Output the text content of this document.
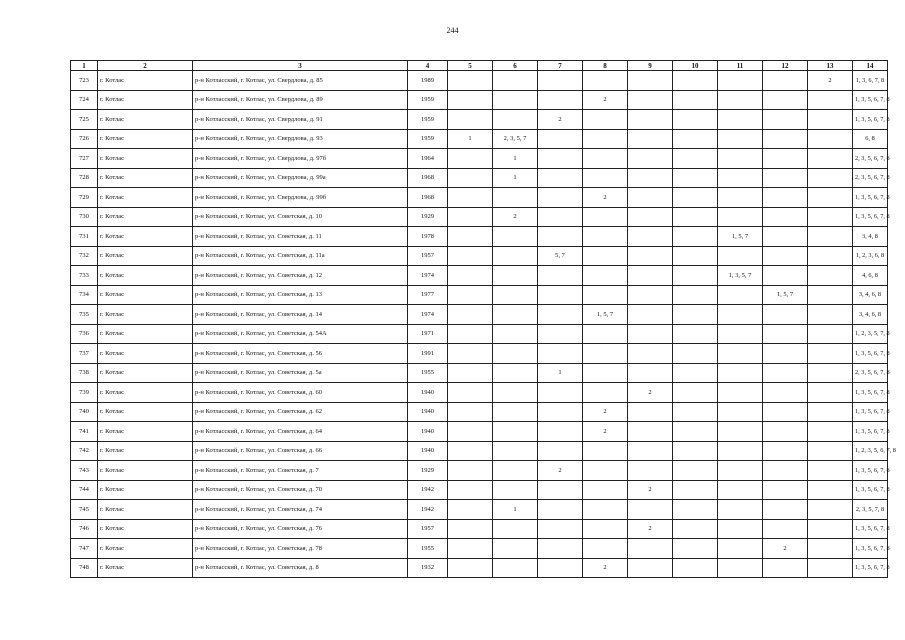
244
1	2	3	4	5	6	7	8	9	10	11	12	13	14
723	г. Котлас	р-н Котласский, г. Котлас, ул. Свердлова, д. 85	1989									2	1, 3, 6, 7, 8
724	г. Котлас	р-н Котласский, г. Котлас, ул. Свердлова, д. 89	1959				2						1, 3, 5, 6, 7, 8
725	г. Котлас	р-н Котласский, г. Котлас, ул. Свердлова, д. 91	1959			2							1, 3, 5, 6, 7, 8
726	г. Котлас	р-н Котласский, г. Котлас, ул. Свердлова, д. 93	1959	1	2, 3, 5, 7								6, 8
727	г. Котлас	р-н Котласский, г. Котлас, ул. Свердлова, д. 97б	1964		1								2, 3, 5, 6, 7, 8
728	г. Котлас	р-н Котласский, г. Котлас, ул. Свердлова, д. 99а	1968		1								2, 3, 5, 6, 7, 8
729	г. Котлас	р-н Котласский, г. Котлас, ул. Свердлова, д. 99б	1968				2						1, 3, 5, 6, 7, 8
730	г. Котлас	р-н Котласский, г. Котлас, ул. Советская, д. 10	1929		2								1, 3, 5, 6, 7, 8
731	г. Котлас	р-н Котласский, г. Котлас, ул. Советская, д. 11	1978							1, 5, 7			3, 4, 8
732	г. Котлас	р-н Котласский, г. Котлас, ул. Советская, д. 11а	1957			5, 7							1, 2, 3, 6, 8
733	г. Котлас	р-н Котласский, г. Котлас, ул. Советская, д. 12	1974							1, 3, 5, 7			4, 6, 8
734	г. Котлас	р-н Котласский, г. Котлас, ул. Советская, д. 13	1977								1, 5, 7		3, 4, 6, 8
735	г. Котлас	р-н Котласский, г. Котлас, ул. Советская, д. 14	1974				1, 5, 7						3, 4, 6, 8
736	г. Котлас	р-н Котласский, г. Котлас, ул. Советская, д. 54А	1971										1, 2, 3, 5, 7, 8
737	г. Котлас	р-н Котласский, г. Котлас, ул. Советская, д. 56	1991										1, 3, 5, 6, 7, 8
738	г. Котлас	р-н Котласский, г. Котлас, ул. Советская, д. 5а	1955			1							2, 3, 5, 6, 7, 8
739	г. Котлас	р-н Котласский, г. Котлас, ул. Советская, д. 60	1940					2					1, 3, 5, 6, 7, 8
740	г. Котлас	р-н Котласский, г. Котлас, ул. Советская, д. 62	1940				2						1, 3, 5, 6, 7, 8
741	г. Котлас	р-н Котласский, г. Котлас, ул. Советская, д. 64	1940				2						1, 3, 5, 6, 7, 8
742	г. Котлас	р-н Котласский, г. Котлас, ул. Советская, д. 66	1940										1, 2, 3, 5, 6, 7, 8
743	г. Котлас	р-н Котласский, г. Котлас, ул. Советская, д. 7	1929			2							1, 3, 5, 6, 7, 8
744	г. Котлас	р-н Котласский, г. Котлас, ул. Советская, д. 70	1942					2					1, 3, 5, 6, 7, 8
745	г. Котлас	р-н Котласский, г. Котлас, ул. Советская, д. 74	1942		1								2, 3, 5, 7, 8
746	г. Котлас	р-н Котласский, г. Котлас, ул. Советская, д. 76	1957					2					1, 3, 5, 6, 7, 8
747	г. Котлас	р-н Котласский, г. Котлас, ул. Советская, д. 78	1955								2		1, 3, 5, 6, 7, 8
748	г. Котлас	р-н Котласский, г. Котлас, ул. Советская, д. 8	1932				2						1, 3, 5, 6, 7, 8
